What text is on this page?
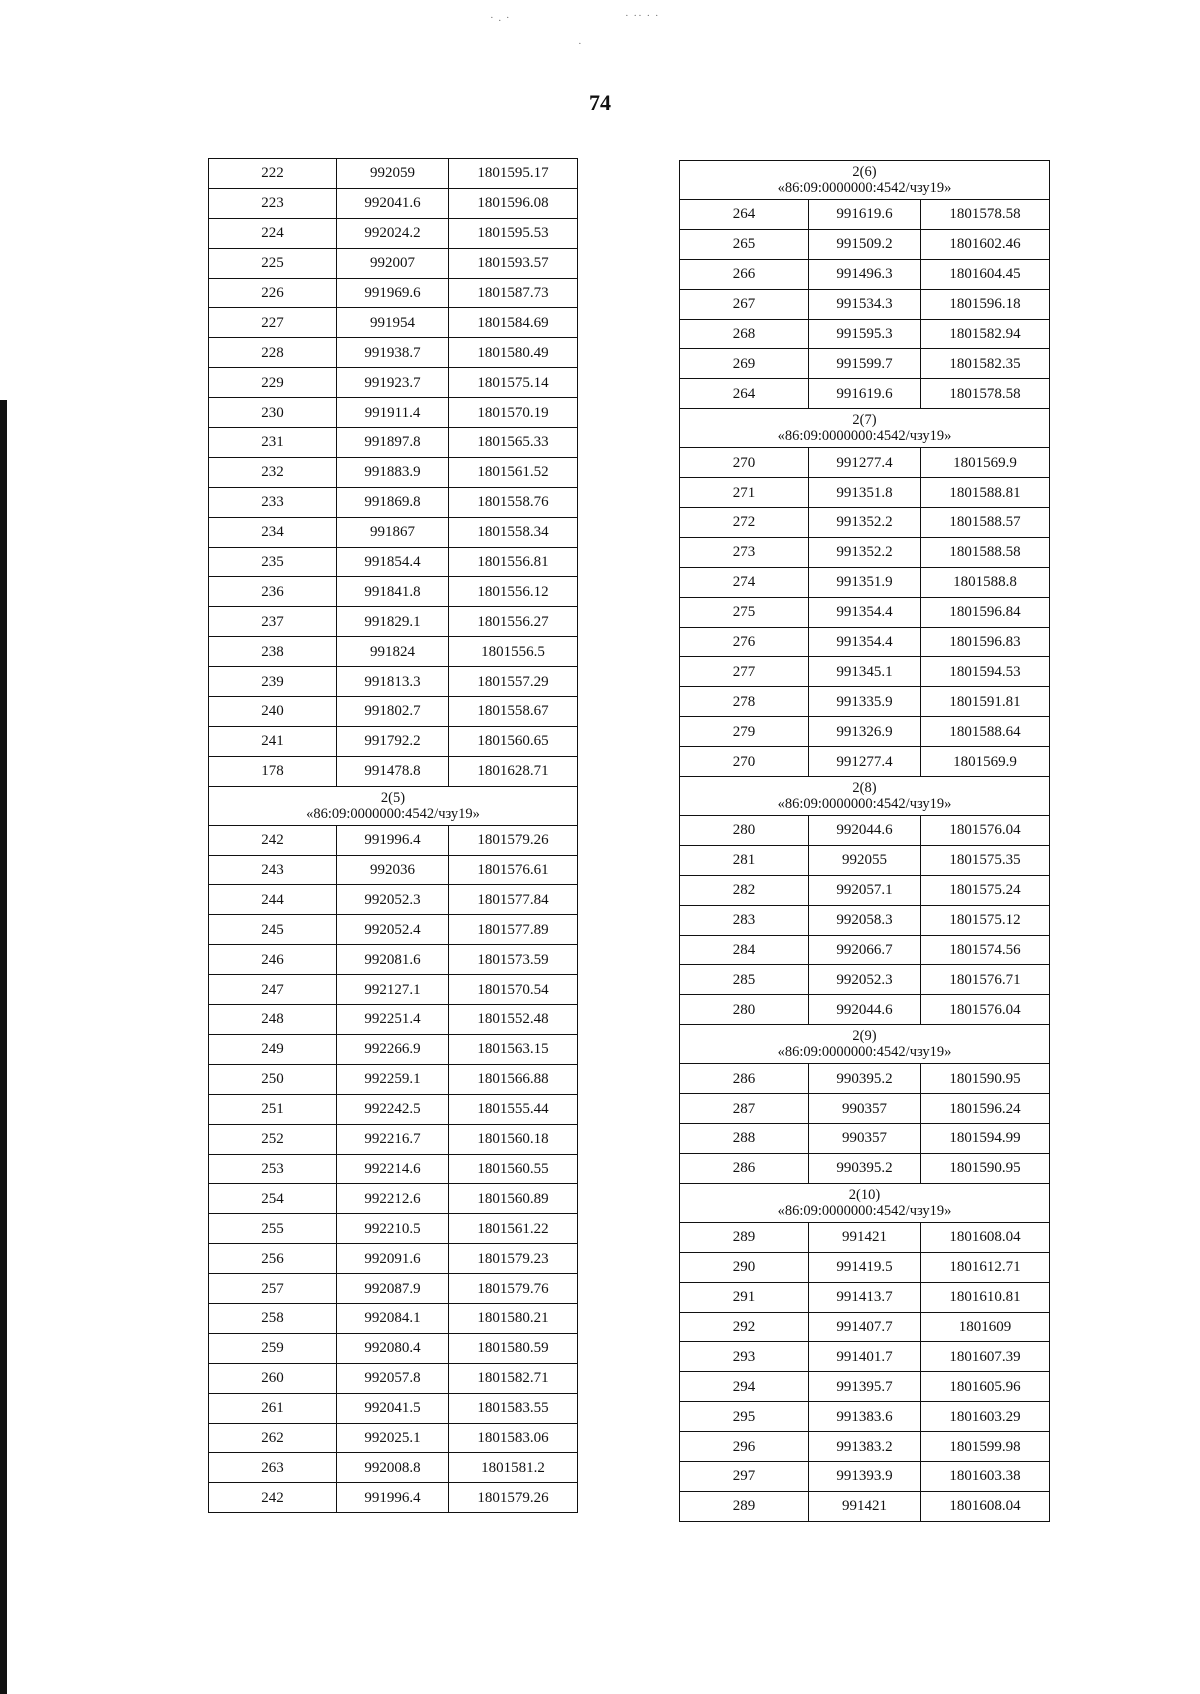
· . ·	· ·· · ·
·
74
222	992059	1801595.17
223	992041.6	1801596.08
224	992024.2	1801595.53
225	992007	1801593.57
226	991969.6	1801587.73
227	991954	1801584.69
228	991938.7	1801580.49
229	991923.7	1801575.14
230	991911.4	1801570.19
231	991897.8	1801565.33
232	991883.9	1801561.52
233	991869.8	1801558.76
234	991867	1801558.34
235	991854.4	1801556.81
236	991841.8	1801556.12
237	991829.1	1801556.27
238	991824	1801556.5
239	991813.3	1801557.29
240	991802.7	1801558.67
241	991792.2	1801560.65
178	991478.8	1801628.71

2(5)
«86:09:0000000:4542/чзу19»		

242	991996.4	1801579.26
243	992036	1801576.61
244	992052.3	1801577.84
245	992052.4	1801577.89
246	992081.6	1801573.59
247	992127.1	1801570.54
248	992251.4	1801552.48
249	992266.9	1801563.15
250	992259.1	1801566.88
251	992242.5	1801555.44
252	992216.7	1801560.18
253	992214.6	1801560.55
254	992212.6	1801560.89
255	992210.5	1801561.22
256	992091.6	1801579.23
257	992087.9	1801579.76
258	992084.1	1801580.21
259	992080.4	1801580.59
260	992057.8	1801582.71
261	992041.5	1801583.55
262	992025.1	1801583.06
263	992008.8	1801581.2
242	991996.4	1801579.26
2(6)
«86:09:0000000:4542/чзу19»		

264	991619.6	1801578.58
265	991509.2	1801602.46
266	991496.3	1801604.45
267	991534.3	1801596.18
268	991595.3	1801582.94
269	991599.7	1801582.35
264	991619.6	1801578.58

2(7)
«86:09:0000000:4542/чзу19»		

270	991277.4	1801569.9
271	991351.8	1801588.81
272	991352.2	1801588.57
273	991352.2	1801588.58
274	991351.9	1801588.8
275	991354.4	1801596.84
276	991354.4	1801596.83
277	991345.1	1801594.53
278	991335.9	1801591.81
279	991326.9	1801588.64
270	991277.4	1801569.9

2(8)
«86:09:0000000:4542/чзу19»		

280	992044.6	1801576.04
281	992055	1801575.35
282	992057.1	1801575.24
283	992058.3	1801575.12
284	992066.7	1801574.56
285	992052.3	1801576.71
280	992044.6	1801576.04

2(9)
«86:09:0000000:4542/чзу19»		

286	990395.2	1801590.95
287	990357	1801596.24
288	990357	1801594.99
286	990395.2	1801590.95

2(10)
«86:09:0000000:4542/чзу19»		

289	991421	1801608.04
290	991419.5	1801612.71
291	991413.7	1801610.81
292	991407.7	1801609
293	991401.7	1801607.39
294	991395.7	1801605.96
295	991383.6	1801603.29
296	991383.2	1801599.98
297	991393.9	1801603.38
289	991421	1801608.04
